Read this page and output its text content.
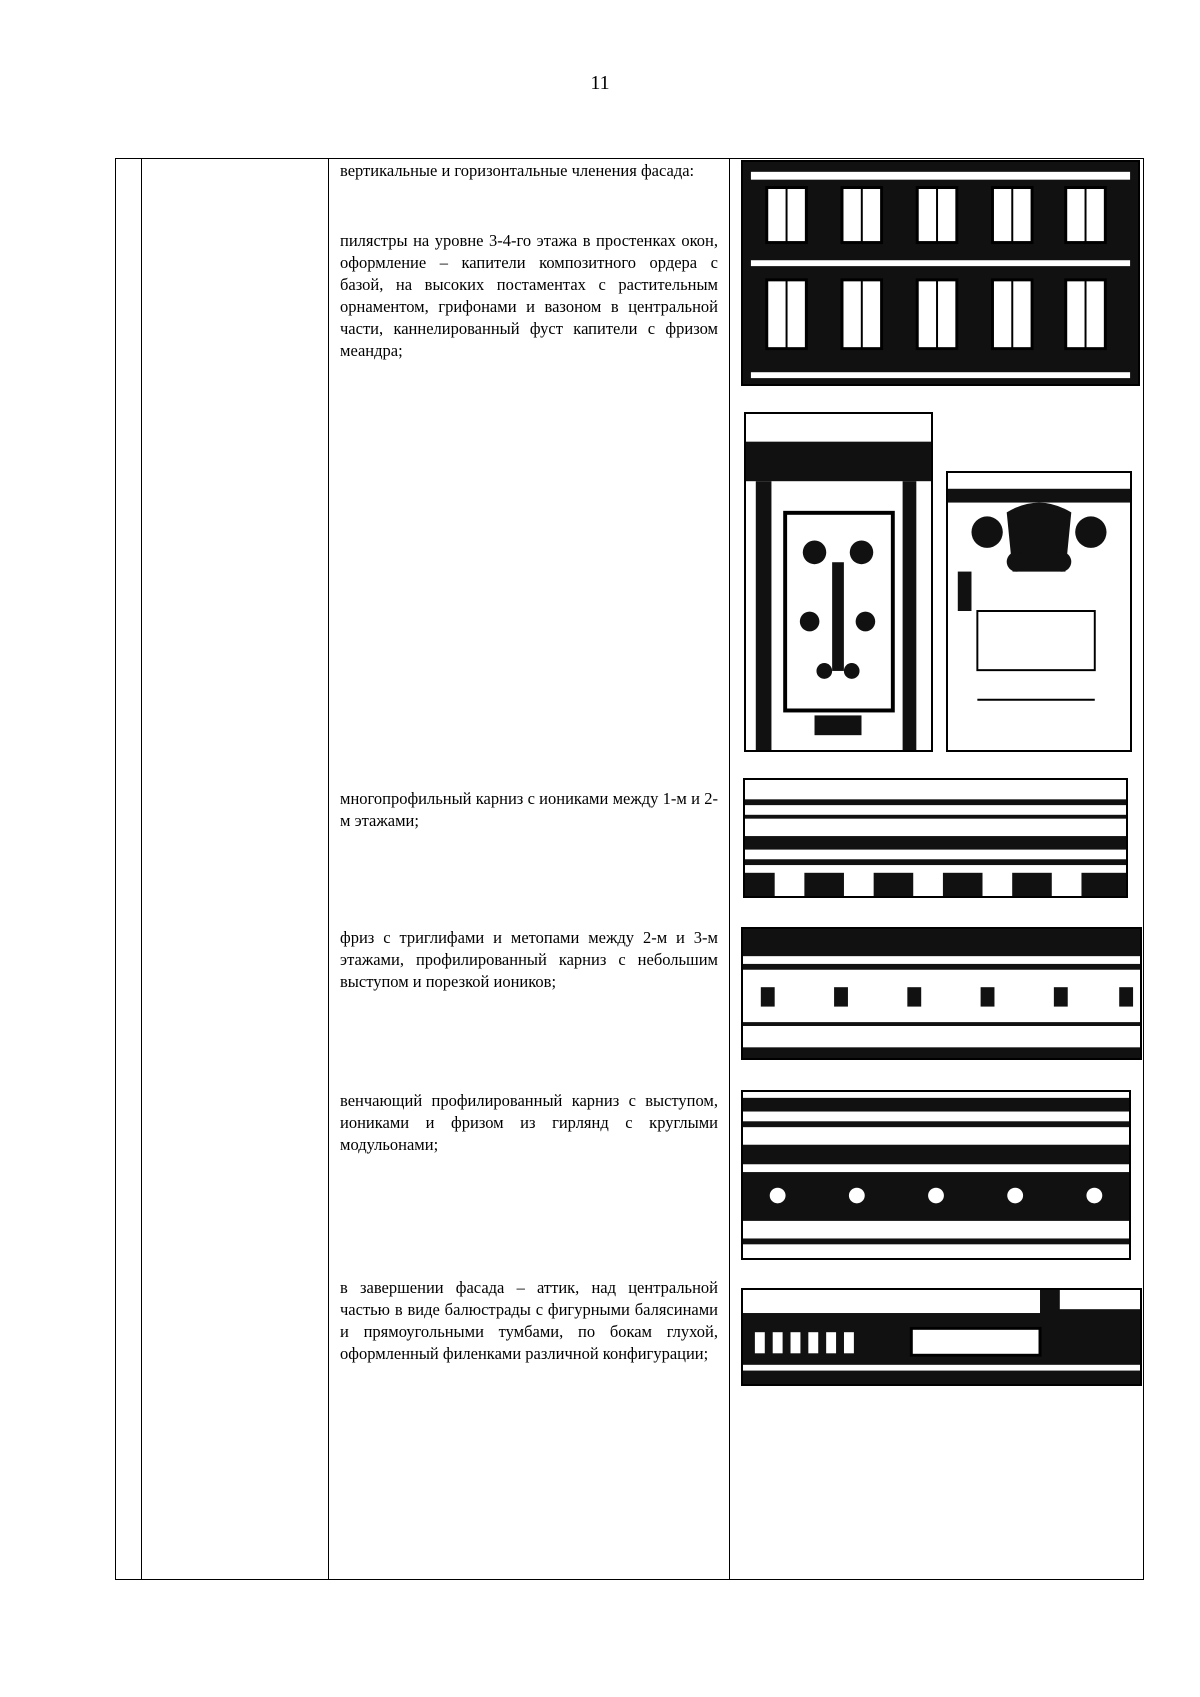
11

вертикальные и горизонтальные членения фасада:

пилястры на уровне 3-4-го этажа в простенках окон, оформление – капители композитного ордера с базой, на высоких постаментах с растительным орнаментом, грифонами и вазоном в центральной части, каннелированный фуст капители с фризом меандра;

многопрофильный карниз с иониками между 1-м и 2-м этажами;

фриз с триглифами и метопами между 2-м и 3-м этажами, профилированный карниз с небольшим выступом и порезкой иоников;

венчающий профилированный карниз с выступом, иониками и фризом из гирлянд с круглыми модульонами;

в завершении фасада – аттик, над центральной частью в виде балюстрады с фигурными балясинами и прямоугольными тумбами, по бокам глухой, оформленный филенками различной конфигурации;
